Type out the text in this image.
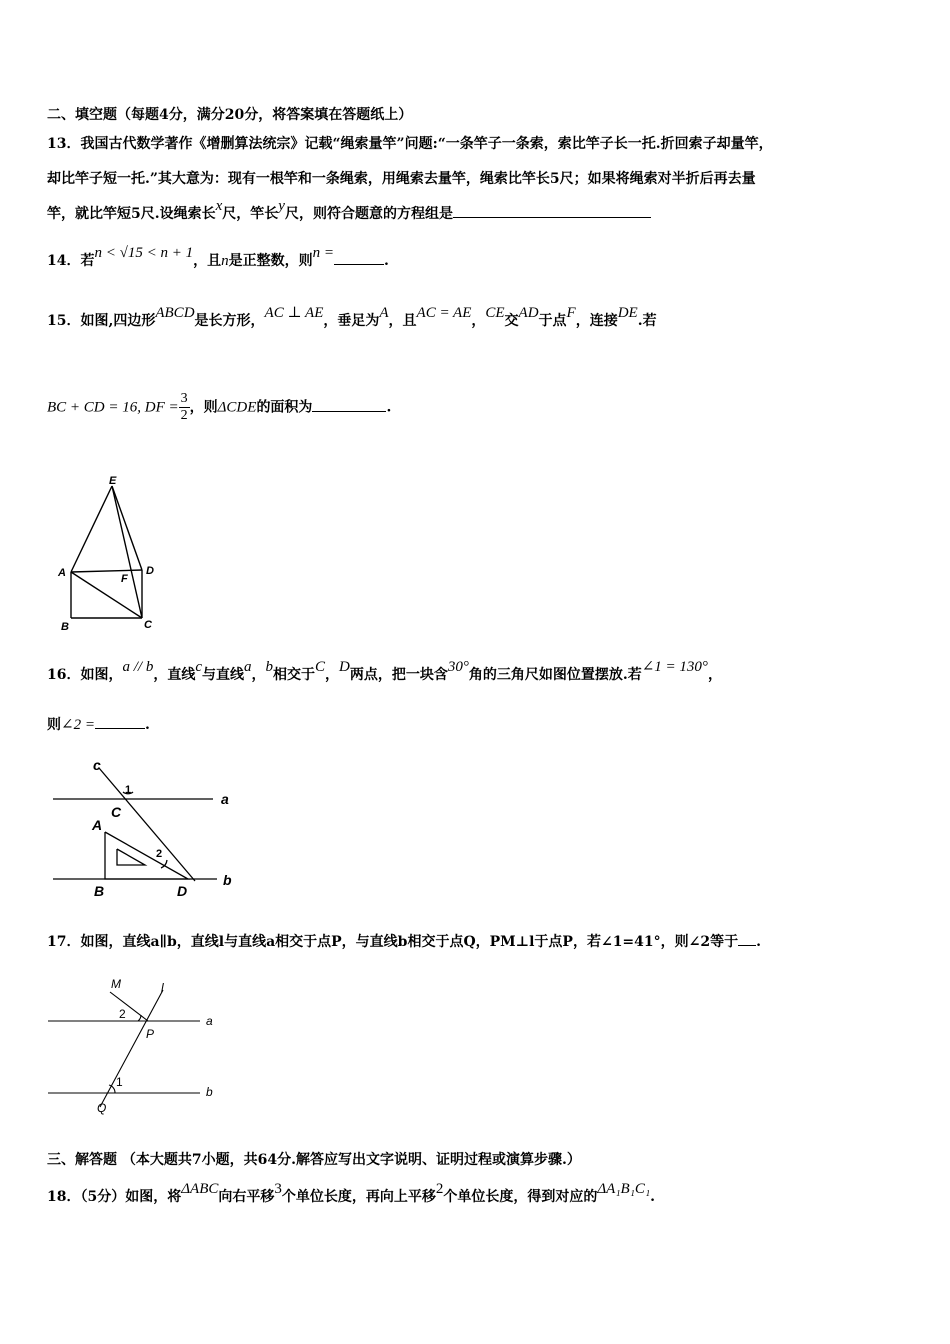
二、填空题（每题4分，满分20分，将答案填在答题纸上）
13．我国古代数学著作《增删算法统宗》记载“绳索量竿”问题:“一条竿子一条索，索比竿子长一托.折回索子却量竿，
却比竿子短一托.”其大意为：现有一根竿和一条绳索，用绳索去量竿，绳索比竿长5尺；如果将绳索对半折后再去量
竿，就比竿短5尺.设绳索长x尺，竿长y尺，则符合题意的方程组是
14．若n < √15 < n + 1，且n是正整数，则n =	.
15．如图,四边形ABCD是长方形，AC ⊥ AE，垂足为A，且AC = AE，CE交AD于点F，连接DE.若
BC + CD = 16, DF = $\frac{3}{2}$ ，则ΔCDE的面积为	.
E
A	D
F
B	C
16．如图，a // b，直线c与直线a，b相交于C，D两点，把一块含30°角的三角尺如图位置摆放.若∠1 = 130°，
则∠2 =	.
c
1
a
C
A
2
b
B	D
17．如图，直线a∥b，直线l与直线a相交于点P，与直线b相交于点Q，PM⊥l于点P，若∠1=41°，则∠2等于 .
M	l
2	a
P
1
b
Q
三、解答题 （本大题共7小题，共64分.解答应写出文字说明、证明过程或演算步骤.）
18．（5分）如图，将ΔABC向右平移3个单位长度，再向上平移2个单位长度，得到对应的ΔA₁B₁C₁.
